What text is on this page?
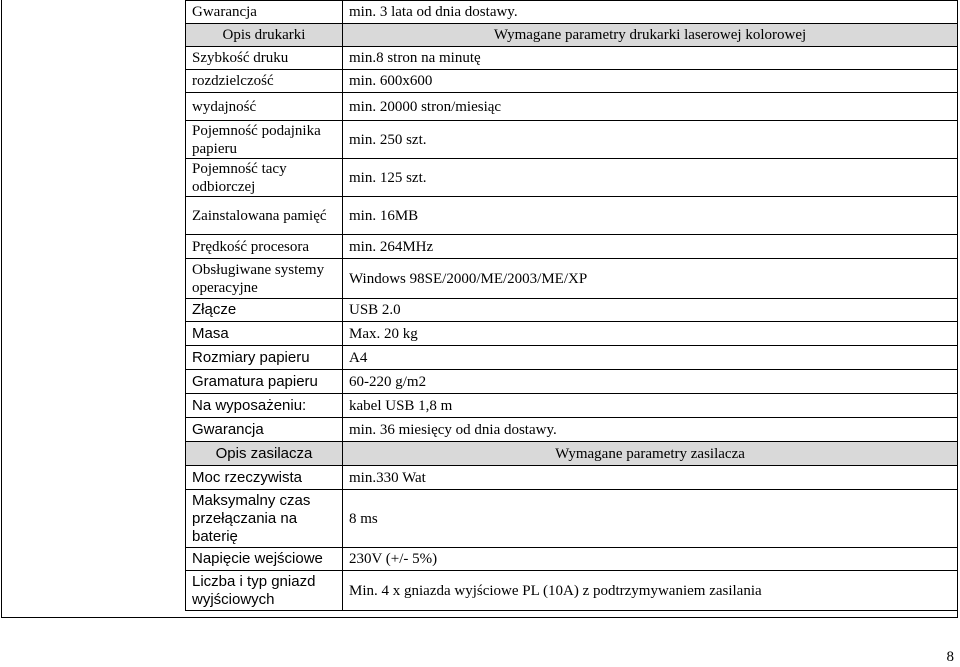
Gwarancja	min. 3 lata od dnia dostawy.
Opis drukarki	Wymagane parametry drukarki laserowej kolorowej
Szybkość druku	min.8 stron na minutę
rozdzielczość	min. 600x600
wydajność	min. 20000 stron/miesiąc
Pojemność podajnika papieru	min. 250 szt.
Pojemność tacy odbiorczej	min. 125 szt.
Zainstalowana pamięć	min. 16MB
Prędkość procesora	min. 264MHz
Obsługiwane systemy operacyjne	Windows 98SE/2000/ME/2003/ME/XP
Złącze	USB 2.0
Masa	Max. 20 kg
Rozmiary papieru	A4
Gramatura papieru	60-220 g/m2
Na wyposażeniu:	kabel USB 1,8 m
Gwarancja	min. 36 miesięcy od dnia dostawy.
Opis zasilacza	Wymagane parametry zasilacza
Moc rzeczywista	min.330 Wat
Maksymalny czas przełączania na baterię	8 ms
Napięcie wejściowe	230V (+/- 5%)
Liczba i typ gniazd wyjściowych	Min. 4 x gniazda wyjściowe PL (10A) z podtrzymywaniem zasilania
8
